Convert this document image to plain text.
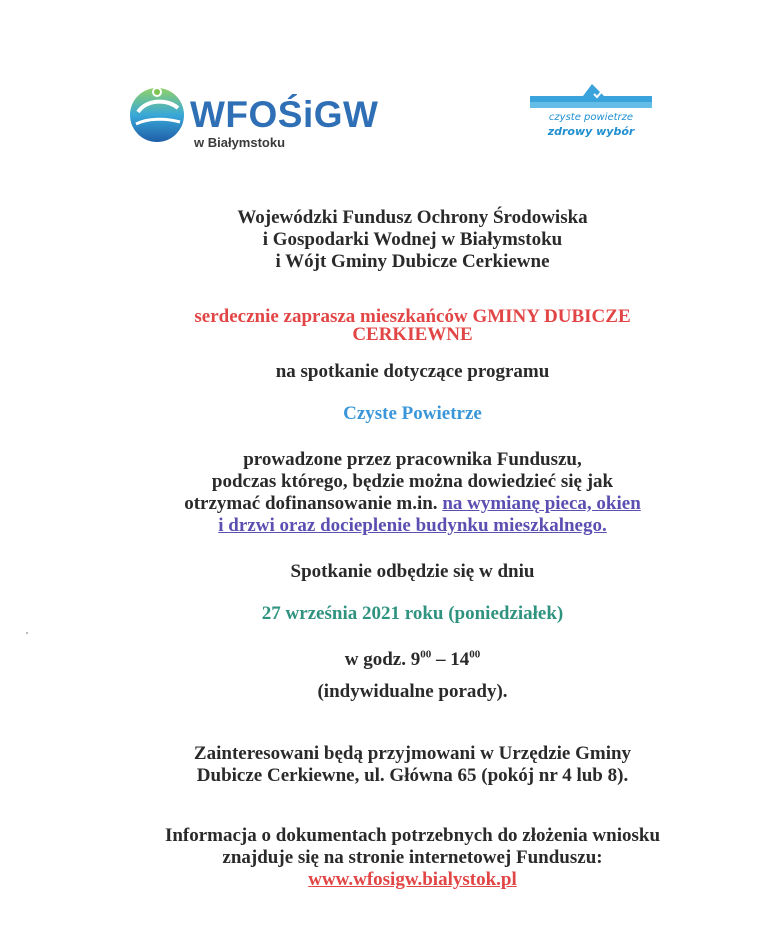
WFOŚiGW
w Białymstoku
czyste powietrze
zdrowy wybór

Wojewódzki Fundusz Ochrony Środowiska

i Gospodarki Wodnej w Białymstoku

i Wójt Gminy Dubicze Cerkiewne

serdecznie zaprasza mieszkańców GMINY DUBICZE

CERKIEWNE

na spotkanie dotyczące programu

Czyste Powietrze

prowadzone przez pracownika Funduszu,

podczas którego, będzie można dowiedzieć się jak

otrzymać dofinansowanie m.in. na wymianę pieca, okien

i drzwi oraz docieplenie budynku mieszkalnego.

Spotkanie odbędzie się w dniu

27 września 2021 roku (poniedziałek)

w godz. $9^{00} - 14^{00}$

(indywidualne porady).

Zainteresowani będą przyjmowani w Urzędzie Gminy

Dubicze Cerkiewne, ul. Główna 65 (pokój nr 4 lub 8).

Informacja o dokumentach potrzebnych do złożenia wniosku

znajduje się na stronie internetowej Funduszu:

www.wfosigw.bialystok.pl
